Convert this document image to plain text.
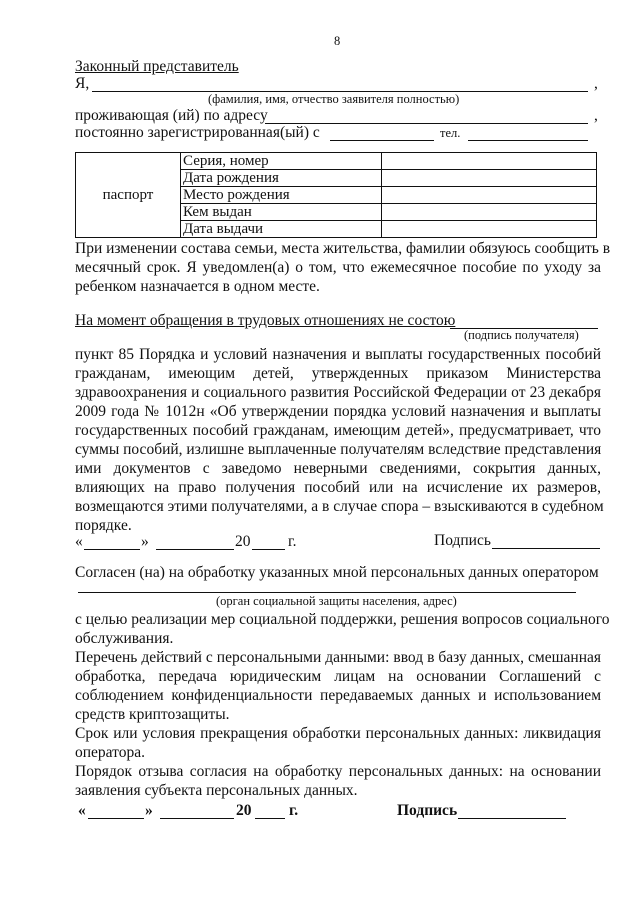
8
Законный представитель
Я,	,
(фамилия, имя, отчество заявителя полностью)
проживающая (ий) по адресу	,
постоянно зарегистрированная(ый) с	тел.
паспорт	Серия, номер	
	Дата рождения	
	Место рождения	
	Кем выдан	
	Дата выдачи	
При изменении состава семьи, места жительства, фамилии обязуюсь сообщить в
месячный срок. Я уведомлен(а) о том, что ежемесячное пособие по уходу за
ребенком назначается в одном месте.
На момент обращения в трудовых отношениях не состою
(подпись получателя)
пункт 85 Порядка и условий назначения и выплаты государственных пособий
гражданам, имеющим детей, утвержденных приказом Министерства
здравоохранения и социального развития Российской Федерации от 23 декабря
2009 года № 1012н «Об утверждении порядка условий назначения и выплаты
государственных пособий гражданам, имеющим детей», предусматривает, что
суммы пособий, излишне выплаченные получателям вследствие представления
ими документов с заведомо неверными сведениями, сокрытия данных,
влияющих на право получения пособий или на исчисление их размеров,
возмещаются этими получателями, а в случае спора – взыскиваются в судебном
порядке.
«	»	20 г.	Подпись
Согласен (на) на обработку указанных мной персональных данных оператором
(орган социальной защиты населения, адрес)
с целью реализации мер социальной поддержки, решения вопросов социального
обслуживания.
Перечень действий с персональными данными: ввод в базу данных, смешанная
обработка, передача юридическим лицам на основании Соглашений с
соблюдением конфиденциальности передаваемых данных и использованием
средств криптозащиты.
Срок или условия прекращения обработки персональных данных: ликвидация
оператора.
Порядок отзыва согласия на обработку персональных данных: на основании
заявления субъекта персональных данных.
«	»	20 г.	Подпись
